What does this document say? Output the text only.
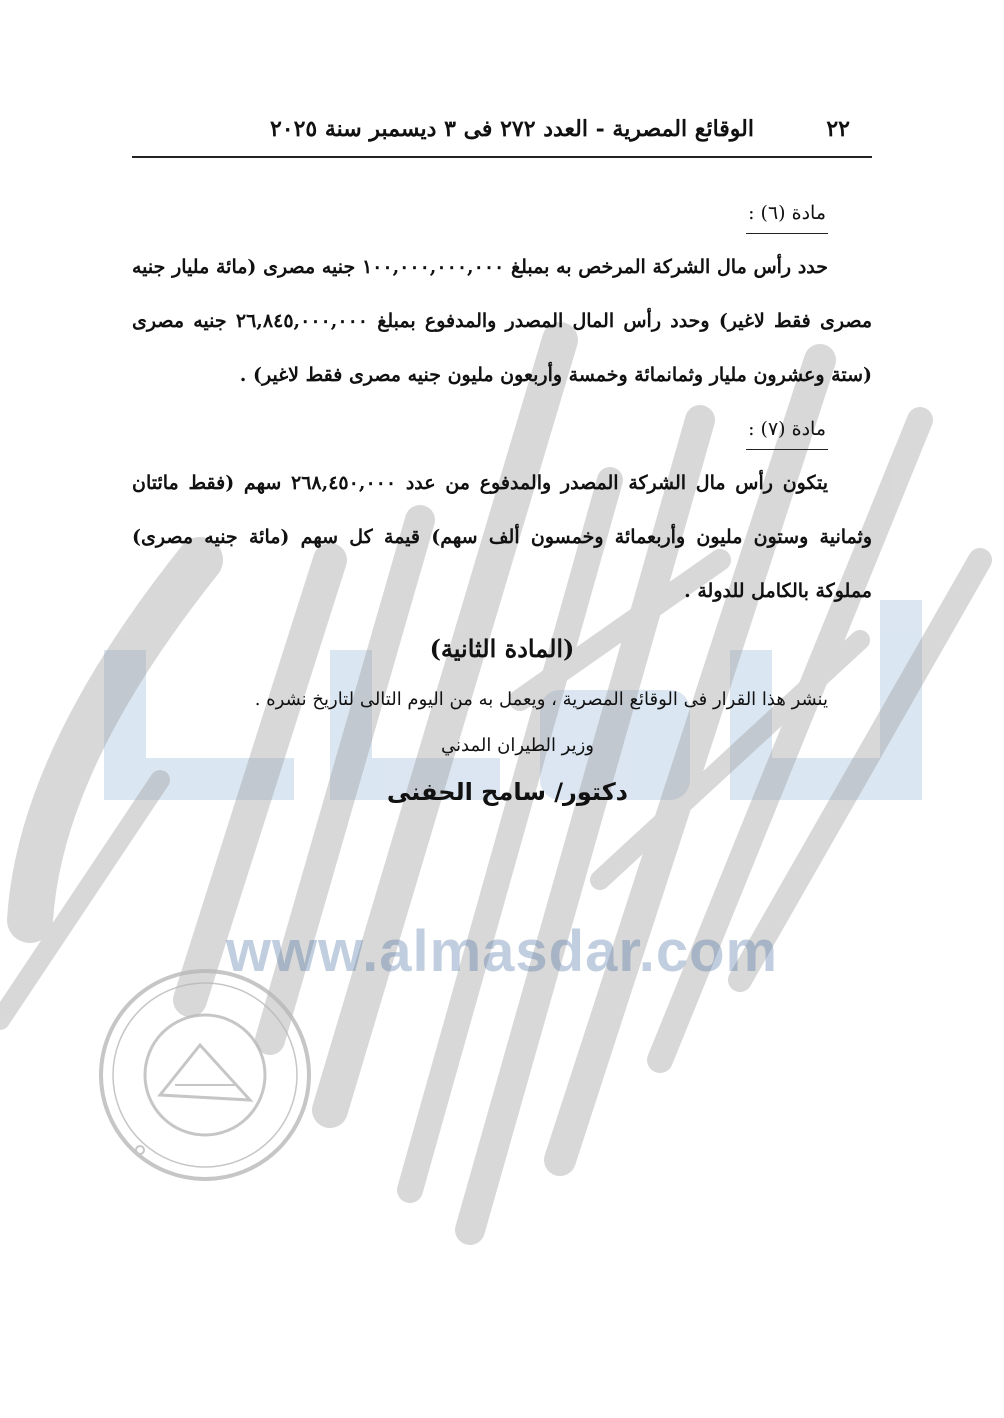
www.almasdar.com
٢٢
الوقائع المصرية - العدد ٢٧٢ فى ٣ ديسمبر سنة ٢٠٢٥
مادة (٦) :

حدد رأس مال الشركة المرخص به بمبلغ ١٠٠,٠٠٠,٠٠٠,٠٠٠ جنيه مصرى (مائة مليار جنيه مصرى فقط لاغير) وحدد رأس المال المصدر والمدفوع بمبلغ ٢٦,٨٤٥,٠٠٠,٠٠٠ جنيه مصرى (ستة وعشرون مليار وثمانمائة وخمسة وأربعون مليون جنيه مصرى فقط لاغير) .

مادة (٧) :

يتكون رأس مال الشركة المصدر والمدفوع من عدد ٢٦٨,٤٥٠,٠٠٠ سهم (فقط مائتان وثمانية وستون مليون وأربعمائة وخمسون ألف سهم) قيمة كل سهم (مائة جنيه مصرى) مملوكة بالكامل للدولة .

(المادة الثانية)

ينشر هذا القرار فى الوقائع المصرية ، ويعمل به من اليوم التالى لتاريخ نشره .

وزير الطيران المدني

دكتور/ سامح الحفنى
